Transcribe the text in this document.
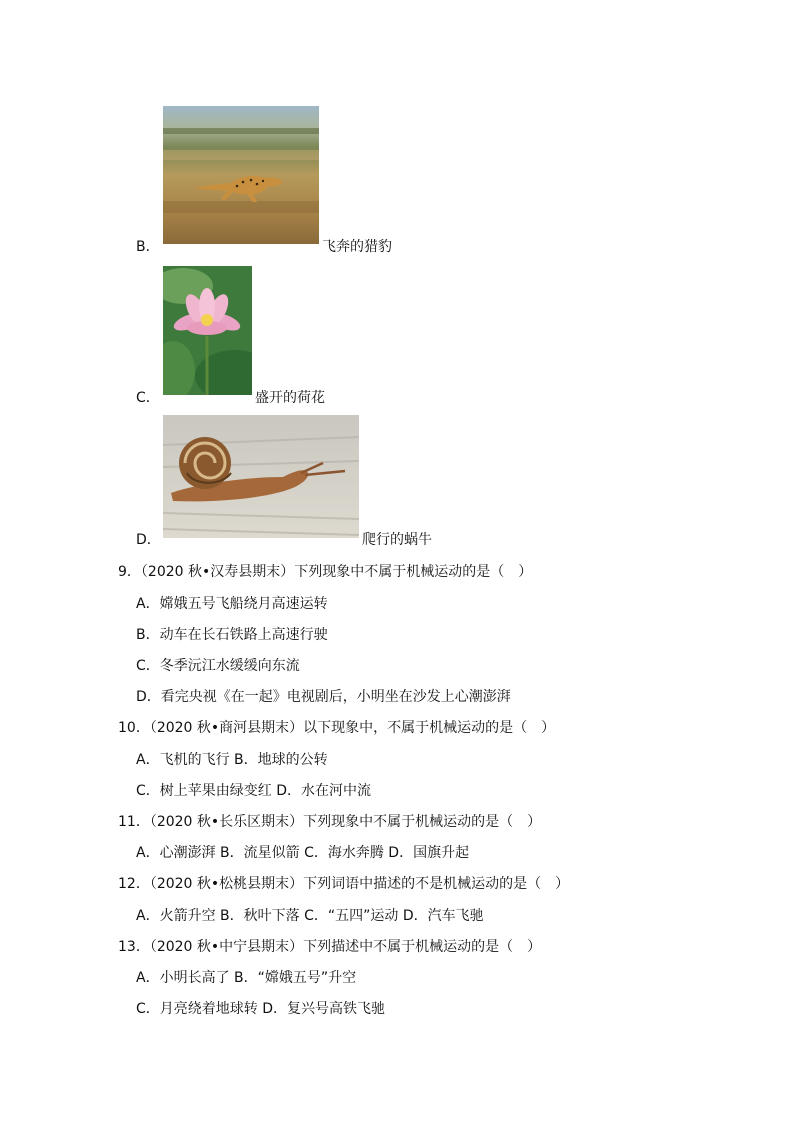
B．	飞奔的猎豹
C．	盛开的荷花
D．	爬行的蜗牛
9．（2020 秋•汉寿县期末）下列现象中不属于机械运动的是（　）
A．嫦娥五号飞船绕月高速运转
B．动车在长石铁路上高速行驶
C．冬季沅江水缓缓向东流
D．看完央视《在一起》电视剧后，小明坐在沙发上心潮澎湃
10．（2020 秋•商河县期末）以下现象中，不属于机械运动的是（　）
A．飞机的飞行 B．地球的公转
C．树上苹果由绿变红 D．水在河中流
11．（2020 秋•长乐区期末）下列现象中不属于机械运动的是（　）
A．心潮澎湃 B．流星似箭 C．海水奔腾 D．国旗升起
12．（2020 秋•松桃县期末）下列词语中描述的不是机械运动的是（　）
A．火箭升空 B．秋叶下落 C．“五四”运动 D．汽车飞驰
13．（2020 秋•中宁县期末）下列描述中不属于机械运动的是（　）
A．小明长高了 B．“嫦娥五号”升空
C．月亮绕着地球转 D．复兴号高铁飞驰
